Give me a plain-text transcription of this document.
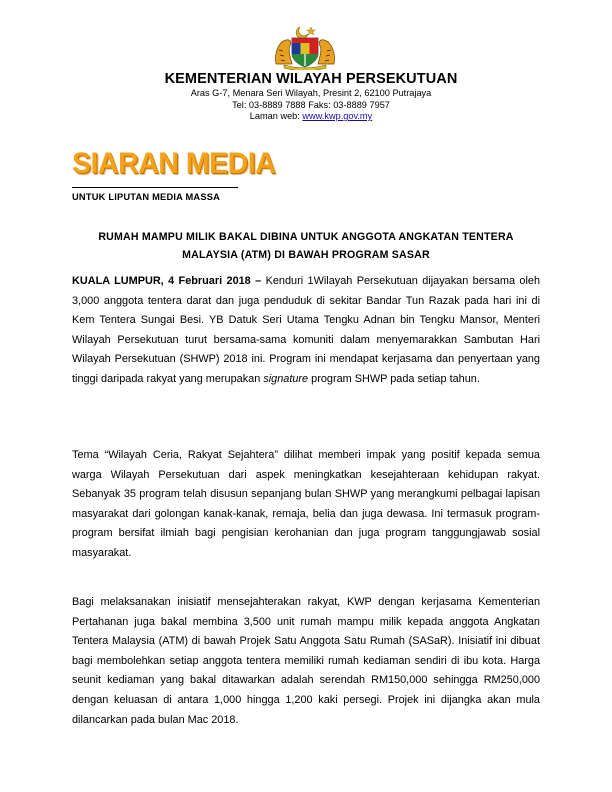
KEMENTERIAN WILAYAH PERSEKUTUAN
Aras G-7, Menara Seri Wilayah, Presint 2, 62100 Putrajaya
Tel: 03-8889 7888 Faks: 03-8889 7957
Laman web: www.kwp.gov.my
SIARAN MEDIA
UNTUK LIPUTAN MEDIA MASSA
RUMAH MAMPU MILIK BAKAL DIBINA UNTUK ANGGOTA ANGKATAN TENTERA
MALAYSIA (ATM) DI BAWAH PROGRAM SASAR
KUALA LUMPUR, 4 Februari 2018 – Kenduri 1Wilayah Persekutuan dijayakan bersama oleh 3,000 anggota tentera darat dan juga penduduk di sekitar Bandar Tun Razak pada hari ini di Kem Tentera Sungai Besi. YB Datuk Seri Utama Tengku Adnan bin Tengku Mansor, Menteri Wilayah Persekutuan turut bersama-sama komuniti dalam menyemarakkan Sambutan Hari Wilayah Persekutuan (SHWP) 2018 ini. Program ini mendapat kerjasama dan penyertaan yang tinggi daripada rakyat yang merupakan signature program SHWP pada setiap tahun.
Tema “Wilayah Ceria, Rakyat Sejahtera” dilihat memberi impak yang positif kepada semua warga Wilayah Persekutuan dari aspek meningkatkan kesejahteraan kehidupan rakyat. Sebanyak 35 program telah disusun sepanjang bulan SHWP yang merangkumi pelbagai lapisan masyarakat dari golongan kanak-kanak, remaja, belia dan juga dewasa. Ini termasuk program-program bersifat ilmiah bagi pengisian kerohanian dan juga program tanggungjawab sosial masyarakat.
Bagi melaksanakan inisiatif mensejahterakan rakyat, KWP dengan kerjasama Kementerian Pertahanan juga bakal membina 3,500 unit rumah mampu milik kepada anggota Angkatan Tentera Malaysia (ATM) di bawah Projek Satu Anggota Satu Rumah (SASaR). Inisiatif ini dibuat bagi membolehkan setiap anggota tentera memiliki rumah kediaman sendiri di ibu kota. Harga seunit kediaman yang bakal ditawarkan adalah serendah RM150,000 sehingga RM250,000 dengan keluasan di antara 1,000 hingga 1,200 kaki persegi. Projek ini dijangka akan mula dilancarkan pada bulan Mac 2018.
